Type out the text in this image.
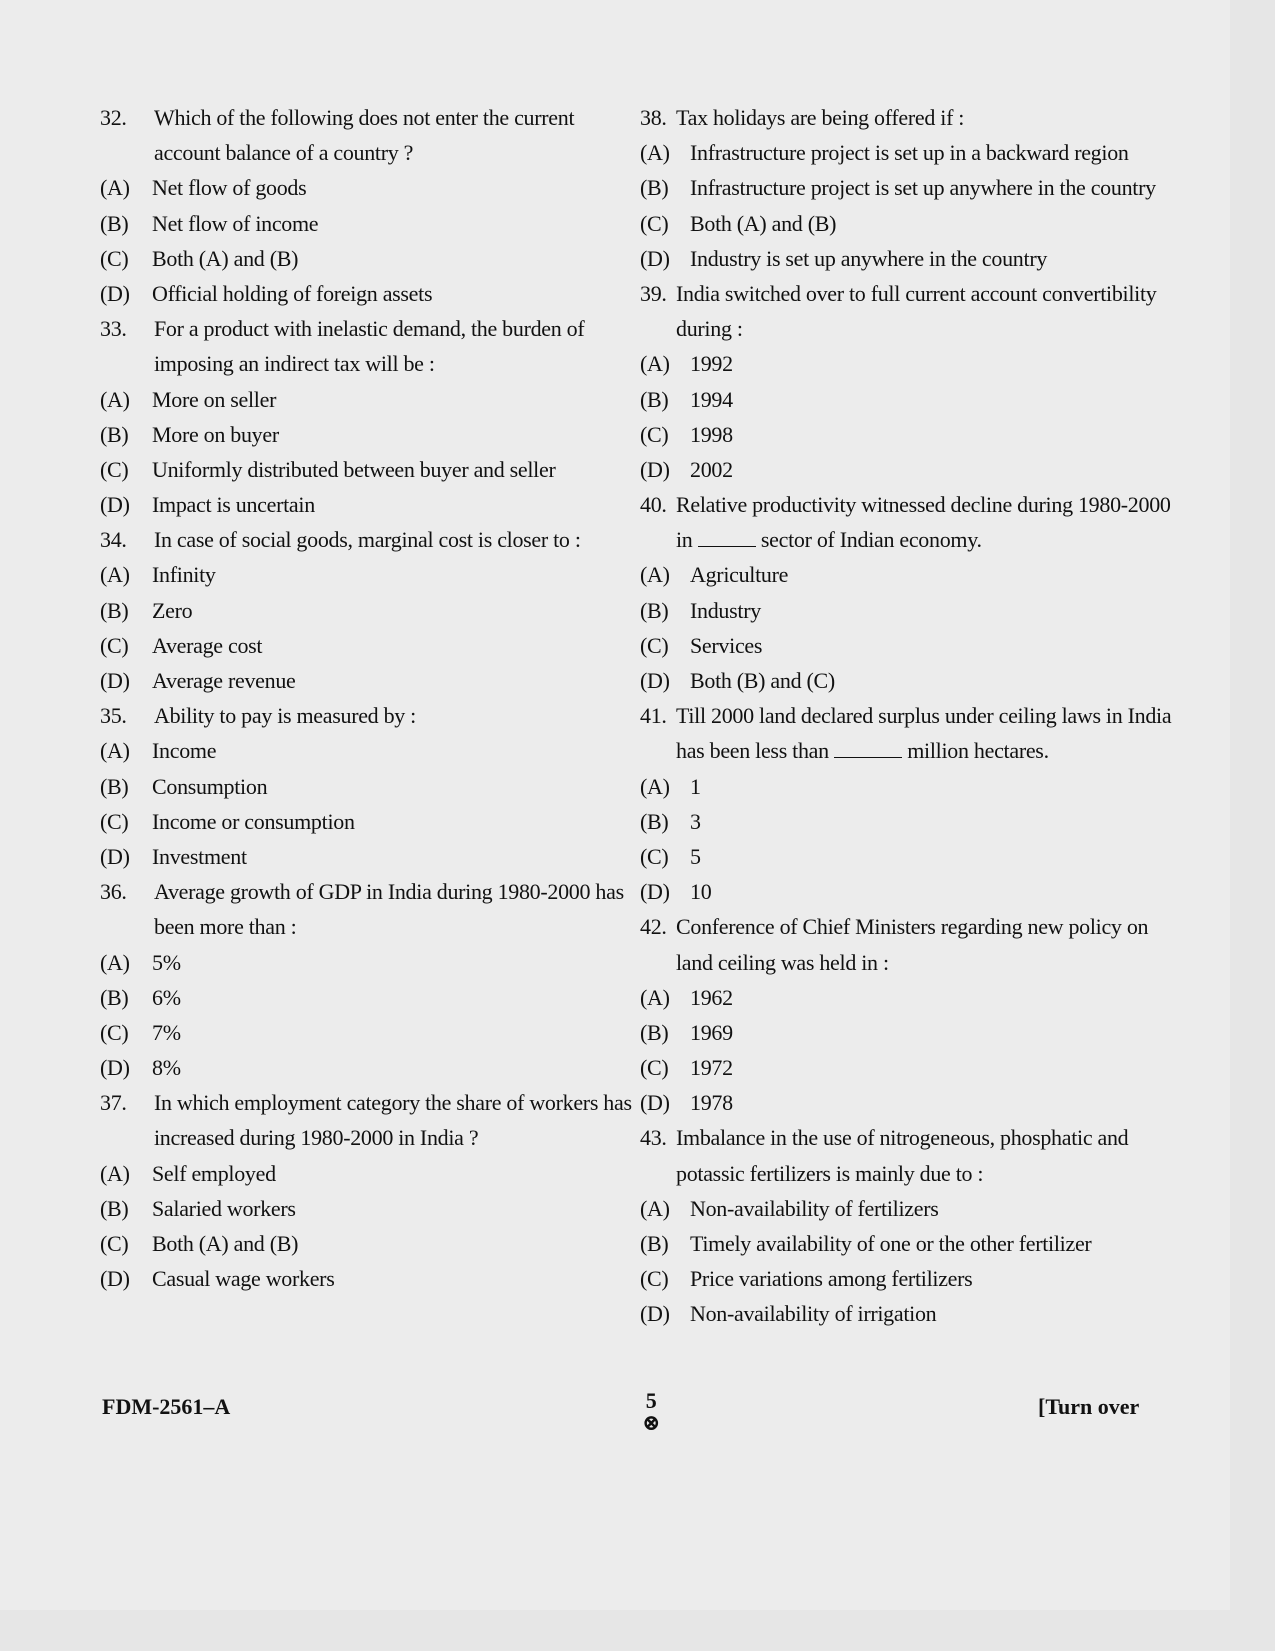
32. Which of the following does not enter the current account balance of a country ?
(A) Net flow of goods
(B) Net flow of income
(C) Both (A) and (B)
(D) Official holding of foreign assets
33. For a product with inelastic demand, the burden of imposing an indirect tax will be :
(A) More on seller
(B) More on buyer
(C) Uniformly distributed between buyer and seller
(D) Impact is uncertain
34. In case of social goods, marginal cost is closer to :
(A) Infinity
(B) Zero
(C) Average cost
(D) Average revenue
35. Ability to pay is measured by :
(A) Income
(B) Consumption
(C) Income or consumption
(D) Investment
36. Average growth of GDP in India during 1980-2000 has been more than :
(A) 5%
(B) 6%
(C) 7%
(D) 8%
37. In which employment category the share of workers has increased during 1980-2000 in India ?
(A) Self employed
(B) Salaried workers
(C) Both (A) and (B)
(D) Casual wage workers
38. Tax holidays are being offered if :
(A) Infrastructure project is set up in a backward region
(B) Infrastructure project is set up anywhere in the country
(C) Both (A) and (B)
(D) Industry is set up anywhere in the country
39. India switched over to full current account convertibility during :
(A) 1992
(B) 1994
(C) 1998
(D) 2002
40. Relative productivity witnessed decline during 1980-2000 in	sector of Indian economy.
(A) Agriculture
(B) Industry
(C) Services
(D) Both (B) and (C)
41. Till 2000 land declared surplus under ceiling laws in India has been less than	million hectares.
(A) 1
(B) 3
(C) 5
(D) 10
42. Conference of Chief Ministers regarding new policy on land ceiling was held in :
(A) 1962
(B) 1969
(C) 1972
(D) 1978
43. Imbalance in the use of nitrogeneous, phosphatic and potassic fertilizers is mainly due to :
(A) Non-availability of fertilizers
(B) Timely availability of one or the other fertilizer
(C) Price variations among fertilizers
(D) Non-availability of irrigation
FDM-2561–A	5
⊗
[Turn over
